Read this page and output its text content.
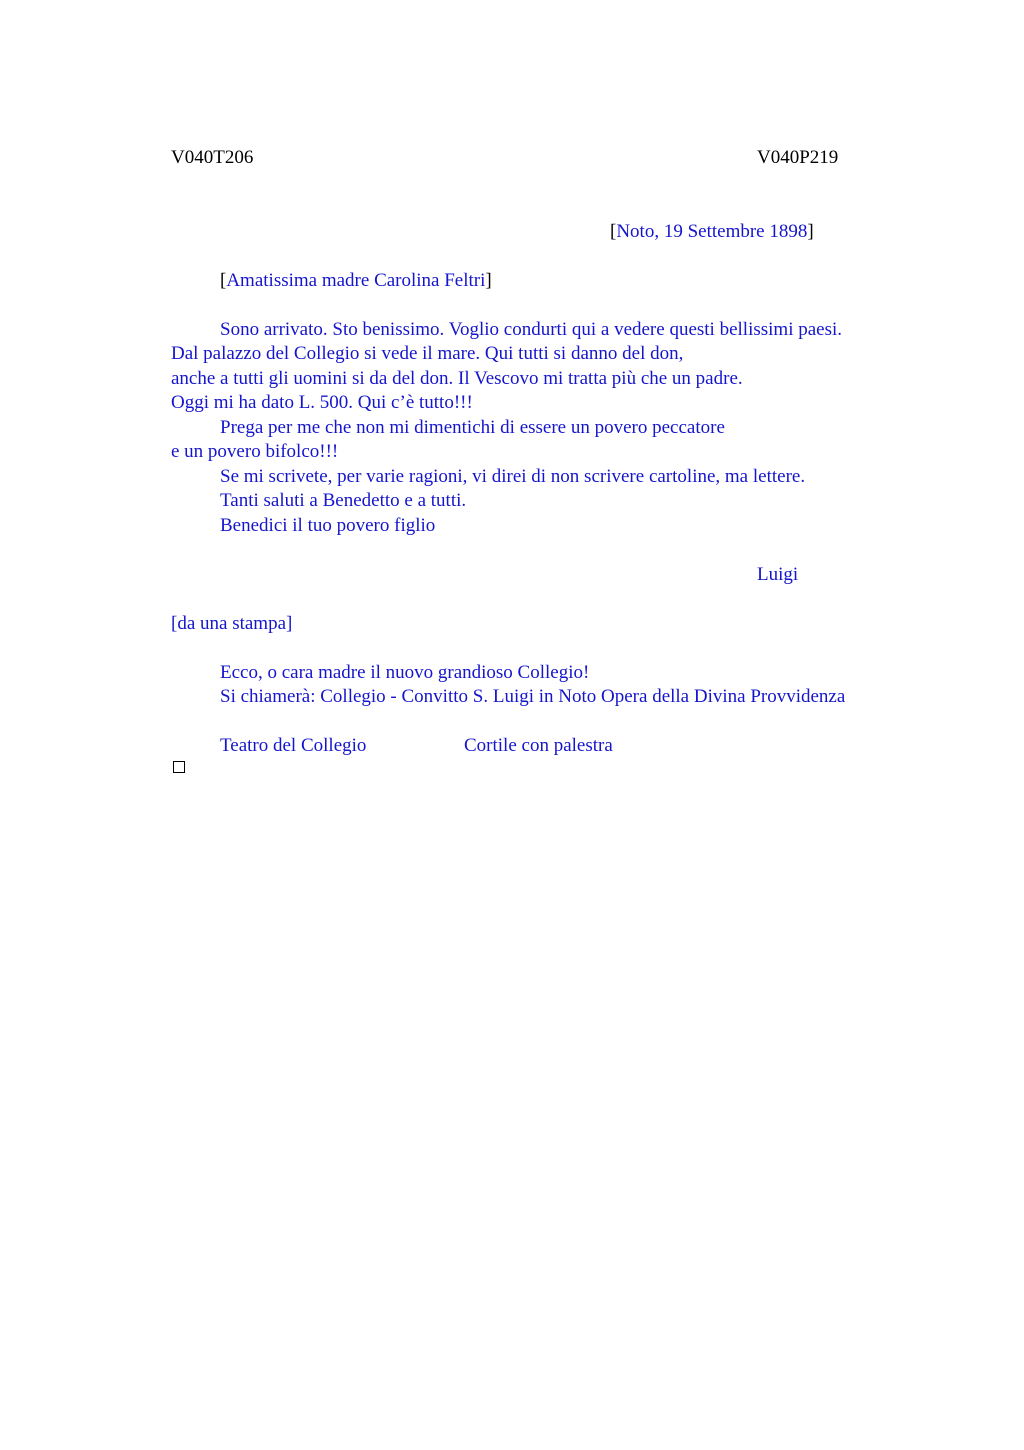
V040T206	V040P219
[Noto, 19 Settembre 1898]
[Amatissima madre Carolina Feltri]
Sono arrivato. Sto benissimo. Voglio condurti qui a vedere questi bellissimi paesi.
Dal palazzo del Collegio si vede il mare. Qui tutti si danno del don,
anche a tutti gli uomini si da del don. Il Vescovo mi tratta più che un padre.
Oggi mi ha dato L. 500. Qui c’è tutto!!!
Prega per me che non mi dimentichi di essere un povero peccatore
e un povero bifolco!!!
Se mi scrivete, per varie ragioni, vi direi di non scrivere cartoline, ma lettere.
Tanti saluti a Benedetto e a tutti.
Benedici il tuo povero figlio
Luigi
[da una stampa]
Ecco, o cara madre il nuovo grandioso Collegio!
Si chiamerà: Collegio - Convitto S. Luigi in Noto Opera della Divina Provvidenza
Teatro del Collegio	Cortile con palestra
